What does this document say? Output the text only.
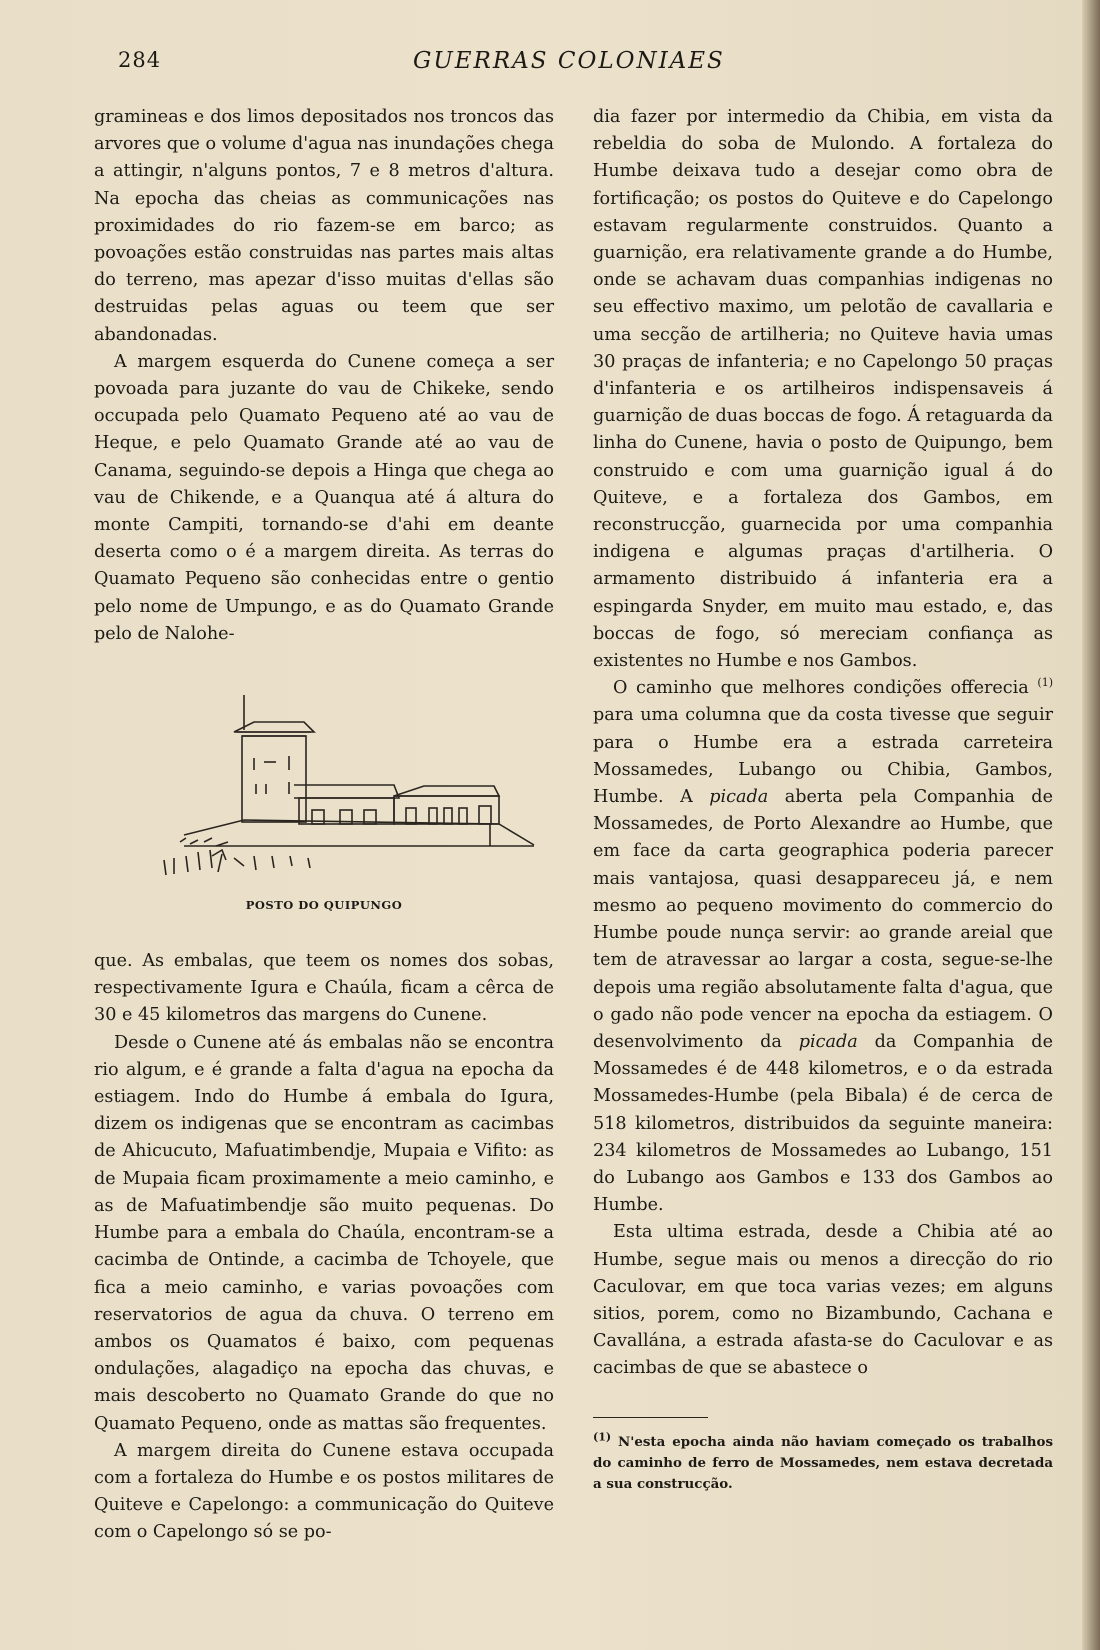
284	GUERRAS COLONIAES

gramineas e dos limos depositados nos troncos das arvores que o volume d'agua nas inundações chega a attingir, n'alguns pontos, 7 e 8 metros d'altura. Na epocha das cheias as communicações nas proximidades do rio fazem-se em barco; as povoações estão construidas nas partes mais altas do terreno, mas apezar d'isso muitas d'ellas são destruidas pelas aguas ou teem que ser abandonadas.

A margem esquerda do Cunene começa a ser povoada para juzante do vau de Chikeke, sendo occupada pelo Quamato Pequeno até ao vau de Heque, e pelo Quamato Grande até ao vau de Canama, seguindo-se depois a Hinga que chega ao vau de Chikende, e a Quanqua até á altura do monte Campiti, tornando-se d'ahi em deante deserta como o é a margem direita. As terras do Quamato Pequeno são conhecidas entre o gentio pelo nome de Umpungo, e as do Quamato Grande pelo de Nalohe-

POSTO DO QUIPUNGO

que. As embalas, que teem os nomes dos sobas, respectivamente Igura e Chaúla, ficam a cêrca de 30 e 45 kilometros das margens do Cunene.

Desde o Cunene até ás embalas não se encontra rio algum, e é grande a falta d'agua na epocha da estiagem. Indo do Humbe á embala do Igura, dizem os indigenas que se encontram as cacimbas de Ahicucuto, Mafuatimbendje, Mupaia e Vifito: as de Mupaia ficam proximamente a meio caminho, e as de Mafuatimbendje são muito pequenas. Do Humbe para a embala do Chaúla, encontram-se a cacimba de Ontinde, a cacimba de Tchoyele, que fica a meio caminho, e varias povoações com reservatorios de agua da chuva. O terreno em ambos os Quamatos é baixo, com pequenas ondulações, alagadiço na epocha das chuvas, e mais descoberto no Quamato Grande do que no Quamato Pequeno, onde as mattas são frequentes.

A margem direita do Cunene estava occupada com a fortaleza do Humbe e os postos militares de Quiteve e Capelongo: a communicação do Quiteve com o Capelongo só se po-

dia fazer por intermedio da Chibia, em vista da rebeldia do soba de Mulondo. A fortaleza do Humbe deixava tudo a desejar como obra de fortificação; os postos do Quiteve e do Capelongo estavam regularmente construidos. Quanto a guarnição, era relativamente grande a do Humbe, onde se achavam duas companhias indigenas no seu effectivo maximo, um pelotão de cavallaria e uma secção de artilheria; no Quiteve havia umas 30 praças de infanteria; e no Capelongo 50 praças d'infanteria e os artilheiros indispensaveis á guarnição de duas boccas de fogo. Á retaguarda da linha do Cunene, havia o posto de Quipungo, bem construido e com uma guarnição igual á do Quiteve, e a fortaleza dos Gambos, em reconstrucção, guarnecida por uma companhia indigena e algumas praças d'artilheria. O armamento distribuido á infanteria era a espingarda Snyder, em muito mau estado, e, das boccas de fogo, só mereciam confiança as existentes no Humbe e nos Gambos.

O caminho que melhores condições offerecia $^{(1)}$ para uma columna que da costa tivesse que seguir para o Humbe era a estrada carreteira Mossamedes, Lubango ou Chibia, Gambos, Humbe. A picada aberta pela Companhia de Mossamedes, de Porto Alexandre ao Humbe, que em face da carta geographica poderia parecer mais vantajosa, quasi desappareceu já, e nem mesmo ao pequeno movimento do commercio do Humbe poude nunça servir: ao grande areial que tem de atravessar ao largar a costa, segue-se-lhe depois uma região absolutamente falta d'agua, que o gado não pode vencer na epocha da estiagem. O desenvolvimento da picada da Companhia de Mossamedes é de 448 kilometros, e o da estrada Mossamedes-Humbe (pela Bibala) é de cerca de 518 kilometros, distribuidos da seguinte maneira: 234 kilometros de Mossamedes ao Lubango, 151 do Lubango aos Gambos e 133 dos Gambos ao Humbe.

Esta ultima estrada, desde a Chibia até ao Humbe, segue mais ou menos a direcção do rio Caculovar, em que toca varias vezes; em alguns sitios, porem, como no Bizambundo, Cachana e Cavallána, a estrada afasta-se do Caculovar e as cacimbas de que se abastece o

$^{(1)}$ N'esta epocha ainda não haviam começado os trabalhos do caminho de ferro de Mossamedes, nem estava decretada a sua construcção.
